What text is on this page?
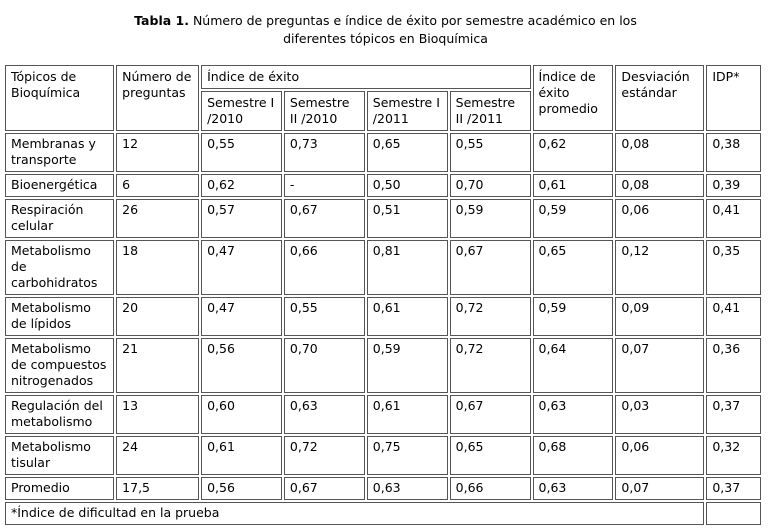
Tabla 1. Número de preguntas e índice de éxito por semestre académico en los
diferentes tópicos en Bioquímica
Tópicos de Bioquímica	Número de preguntas	Índice de éxito				Índice de éxito promedio	Desviación estándar	IDP*
		Semestre I /2010	Semestre II /2010	Semestre I /2011	Semestre II /2011			
Membranas y transporte	12	0,55	0,73	0,65	0,55	0,62	0,08	0,38
Bioenergética	6	0,62	-	0,50	0,70	0,61	0,08	0,39
Respiración celular	26	0,57	0,67	0,51	0,59	0,59	0,06	0,41
Metabolismo de carbohidratos	18	0,47	0,66	0,81	0,67	0,65	0,12	0,35
Metabolismo de lípidos	20	0,47	0,55	0,61	0,72	0,59	0,09	0,41
Metabolismo de compuestos nitrogenados	21	0,56	0,70	0,59	0,72	0,64	0,07	0,36
Regulación del metabolismo	13	0,60	0,63	0,61	0,67	0,63	0,03	0,37
Metabolismo tisular	24	0,61	0,72	0,75	0,65	0,68	0,06	0,32
Promedio	17,5	0,56	0,67	0,63	0,66	0,63	0,07	0,37
*Índice de dificultad en la prueba								
